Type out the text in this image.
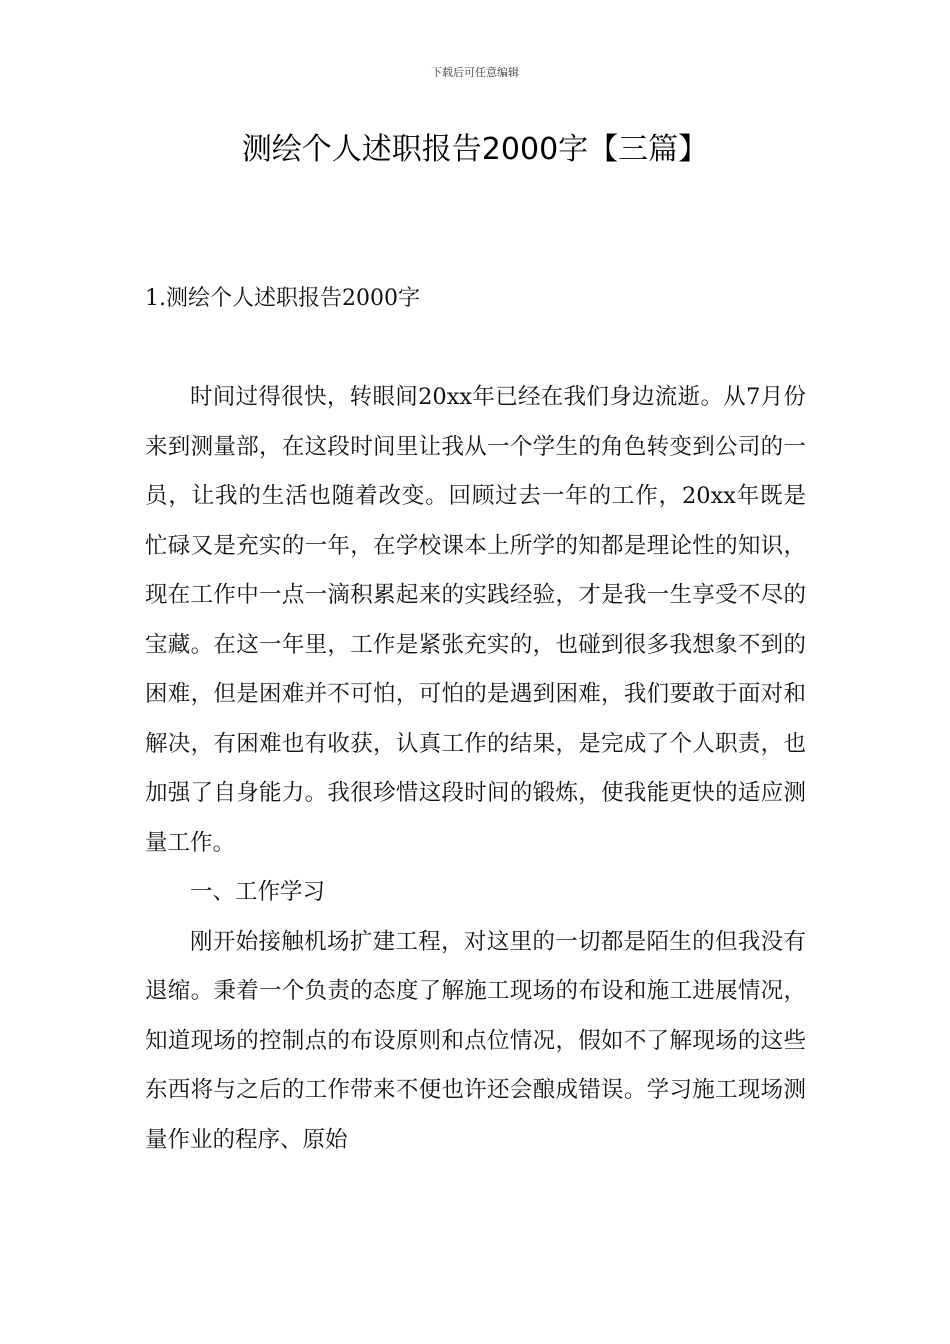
下载后可任意编辑
测绘个人述职报告2000字【三篇】
1.测绘个人述职报告2000字

时间过得很快，转眼间20xx年已经在我们身边流逝。从7月份来到测量部，在这段时间里让我从一个学生的角色转变到公司的一员，让我的生活也随着改变。回顾过去一年的工作，20xx年既是忙碌又是充实的一年，在学校课本上所学的知都是理论性的知识，现在工作中一点一滴积累起来的实践经验，才是我一生享受不尽的宝藏。在这一年里，工作是紧张充实的，也碰到很多我想象不到的困难，但是困难并不可怕，可怕的是遇到困难，我们要敢于面对和解决，有困难也有收获，认真工作的结果，是完成了个人职责，也加强了自身能力。我很珍惜这段时间的锻炼，使我能更快的适应测量工作。

一、工作学习

刚开始接触机场扩建工程，对这里的一切都是陌生的但我没有退缩。秉着一个负责的态度了解施工现场的布设和施工进展情况，知道现场的控制点的布设原则和点位情况，假如不了解现场的这些东西将与之后的工作带来不便也许还会酿成错误。学习施工现场测量作业的程序、原始
